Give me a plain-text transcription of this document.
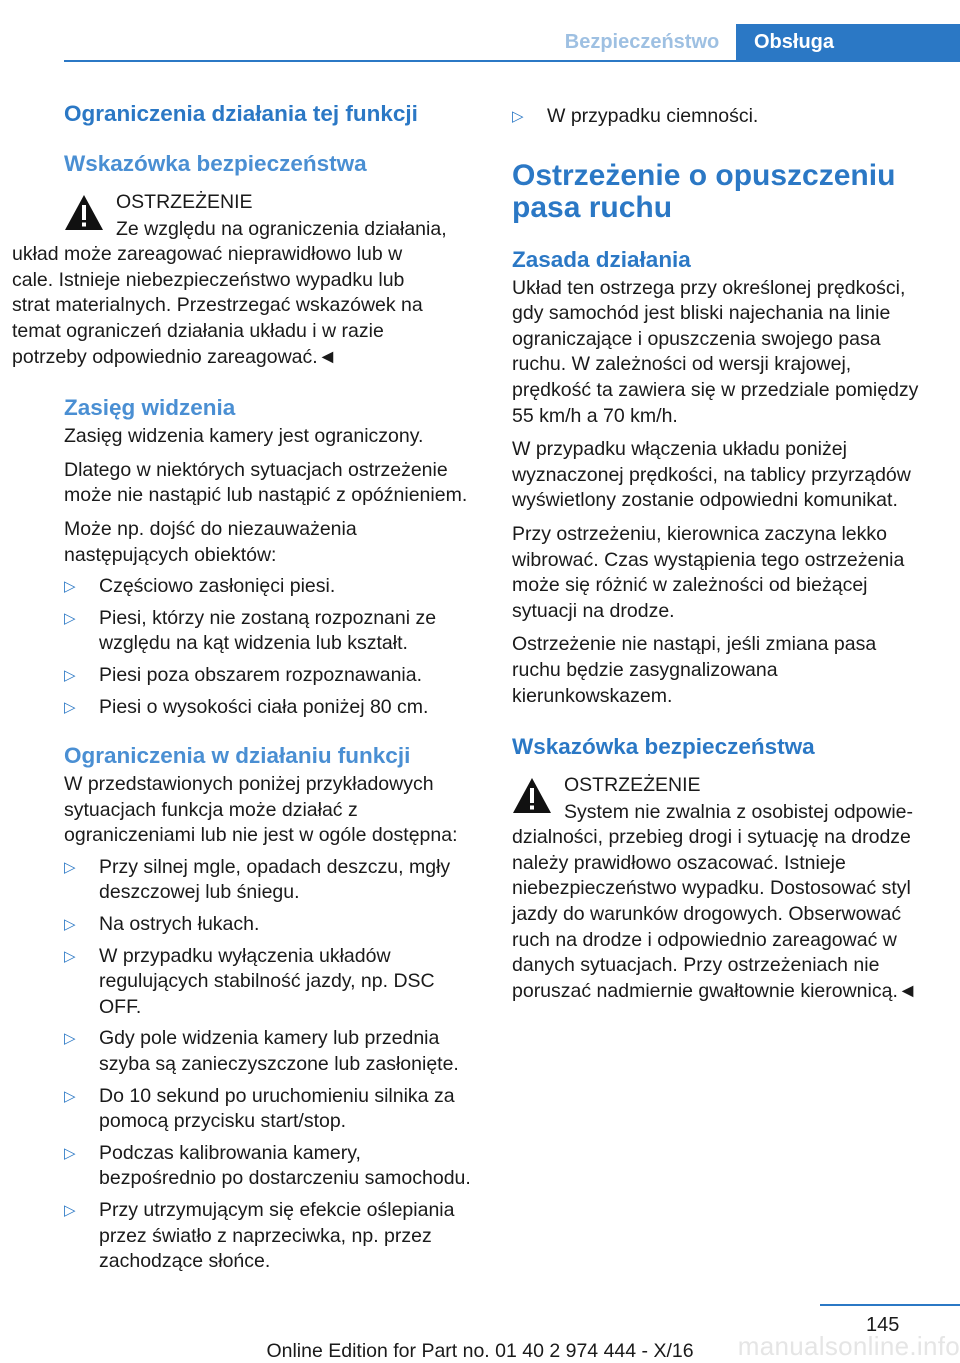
Bezpieczeństwo	Obsługa
Ograniczenia działania tej funkcji
Wskazówka bezpieczeństwa

OSTRZEŻENIE

Ze względu na ograniczenia działania,

układ może zareagować nieprawidłowo lub w cale. Istnieje niebezpieczeństwo wypadku lub strat materialnych. Przestrzegać wskazówek na temat ograniczeń działania układu i w razie potrzeby odpowiednio zareagować.◄

Zasięg widzenia

Zasięg widzenia kamery jest ograniczony.

Dlatego w niektórych sytuacjach ostrzeżenie może nie nastąpić lub nastąpić z opóźnieniem.

Może np. dojść do niezauważenia następujących obiektów:

▷ Częściowo zasłonięci piesi.
▷ Piesi, którzy nie zostaną rozpoznani ze względu na kąt widzenia lub kształt.
▷ Piesi poza obszarem rozpoznawania.
▷ Piesi o wysokości ciała poniżej 80 cm.
Ograniczenia w działaniu funkcji

W przedstawionych poniżej przykładowych sytuacjach funkcja może działać z ograniczeniami lub nie jest w ogóle dostępna:

▷ Przy silnej mgle, opadach deszczu, mgły deszczowej lub śniegu.
▷ Na ostrych łukach.
▷ W przypadku wyłączenia układów regulujących stabilność jazdy, np. DSC OFF.
▷ Gdy pole widzenia kamery lub przednia szyba są zanieczyszczone lub zasłonięte.
▷ Do 10 sekund po uruchomieniu silnika za pomocą przycisku start/stop.
▷ Podczas kalibrowania kamery, bezpośrednio po dostarczeniu samochodu.
▷ Przy utrzymującym się efekcie oślepiania przez światło z naprzeciwka, np. przez zachodzące słońce.
▷ W przypadku ciemności.
Ostrzeżenie o opuszczeniu pasa ruchu
Zasada działania

Układ ten ostrzega przy określonej prędkości, gdy samochód jest bliski najechania na linie ograniczające i opuszczenia swojego pasa ruchu. W zależności od wersji krajowej, prędkość ta zawiera się w przedziale pomiędzy 55 km/h a 70 km/h.

W przypadku włączenia układu poniżej wyznaczonej prędkości, na tablicy przyrządów wyświetlony zostanie odpowiedni komunikat.

Przy ostrzeżeniu, kierownica zaczyna lekko wibrować. Czas wystąpienia tego ostrzeżenia może się różnić w zależności od bieżącej sytuacji na drodze.

Ostrzeżenie nie nastąpi, jeśli zmiana pasa ruchu będzie zasygnalizowana kierunkowskazem.

Wskazówka bezpieczeństwa

OSTRZEŻENIE

System nie zwalnia z osobistej odpowie-

dzialności, przebieg drogi i sytuację na drodze należy prawidłowo oszacować. Istnieje niebezpieczeństwo wypadku. Dostosować styl jazdy do warunków drogowych. Obserwować ruch na drodze i odpowiednio zareagować w danych sytuacjach. Przy ostrzeżeniach nie poruszać nadmiernie gwałtownie kierownicą.◄

145
manualsonline.info
Online Edition for Part no. 01 40 2 974 444 - X/16
